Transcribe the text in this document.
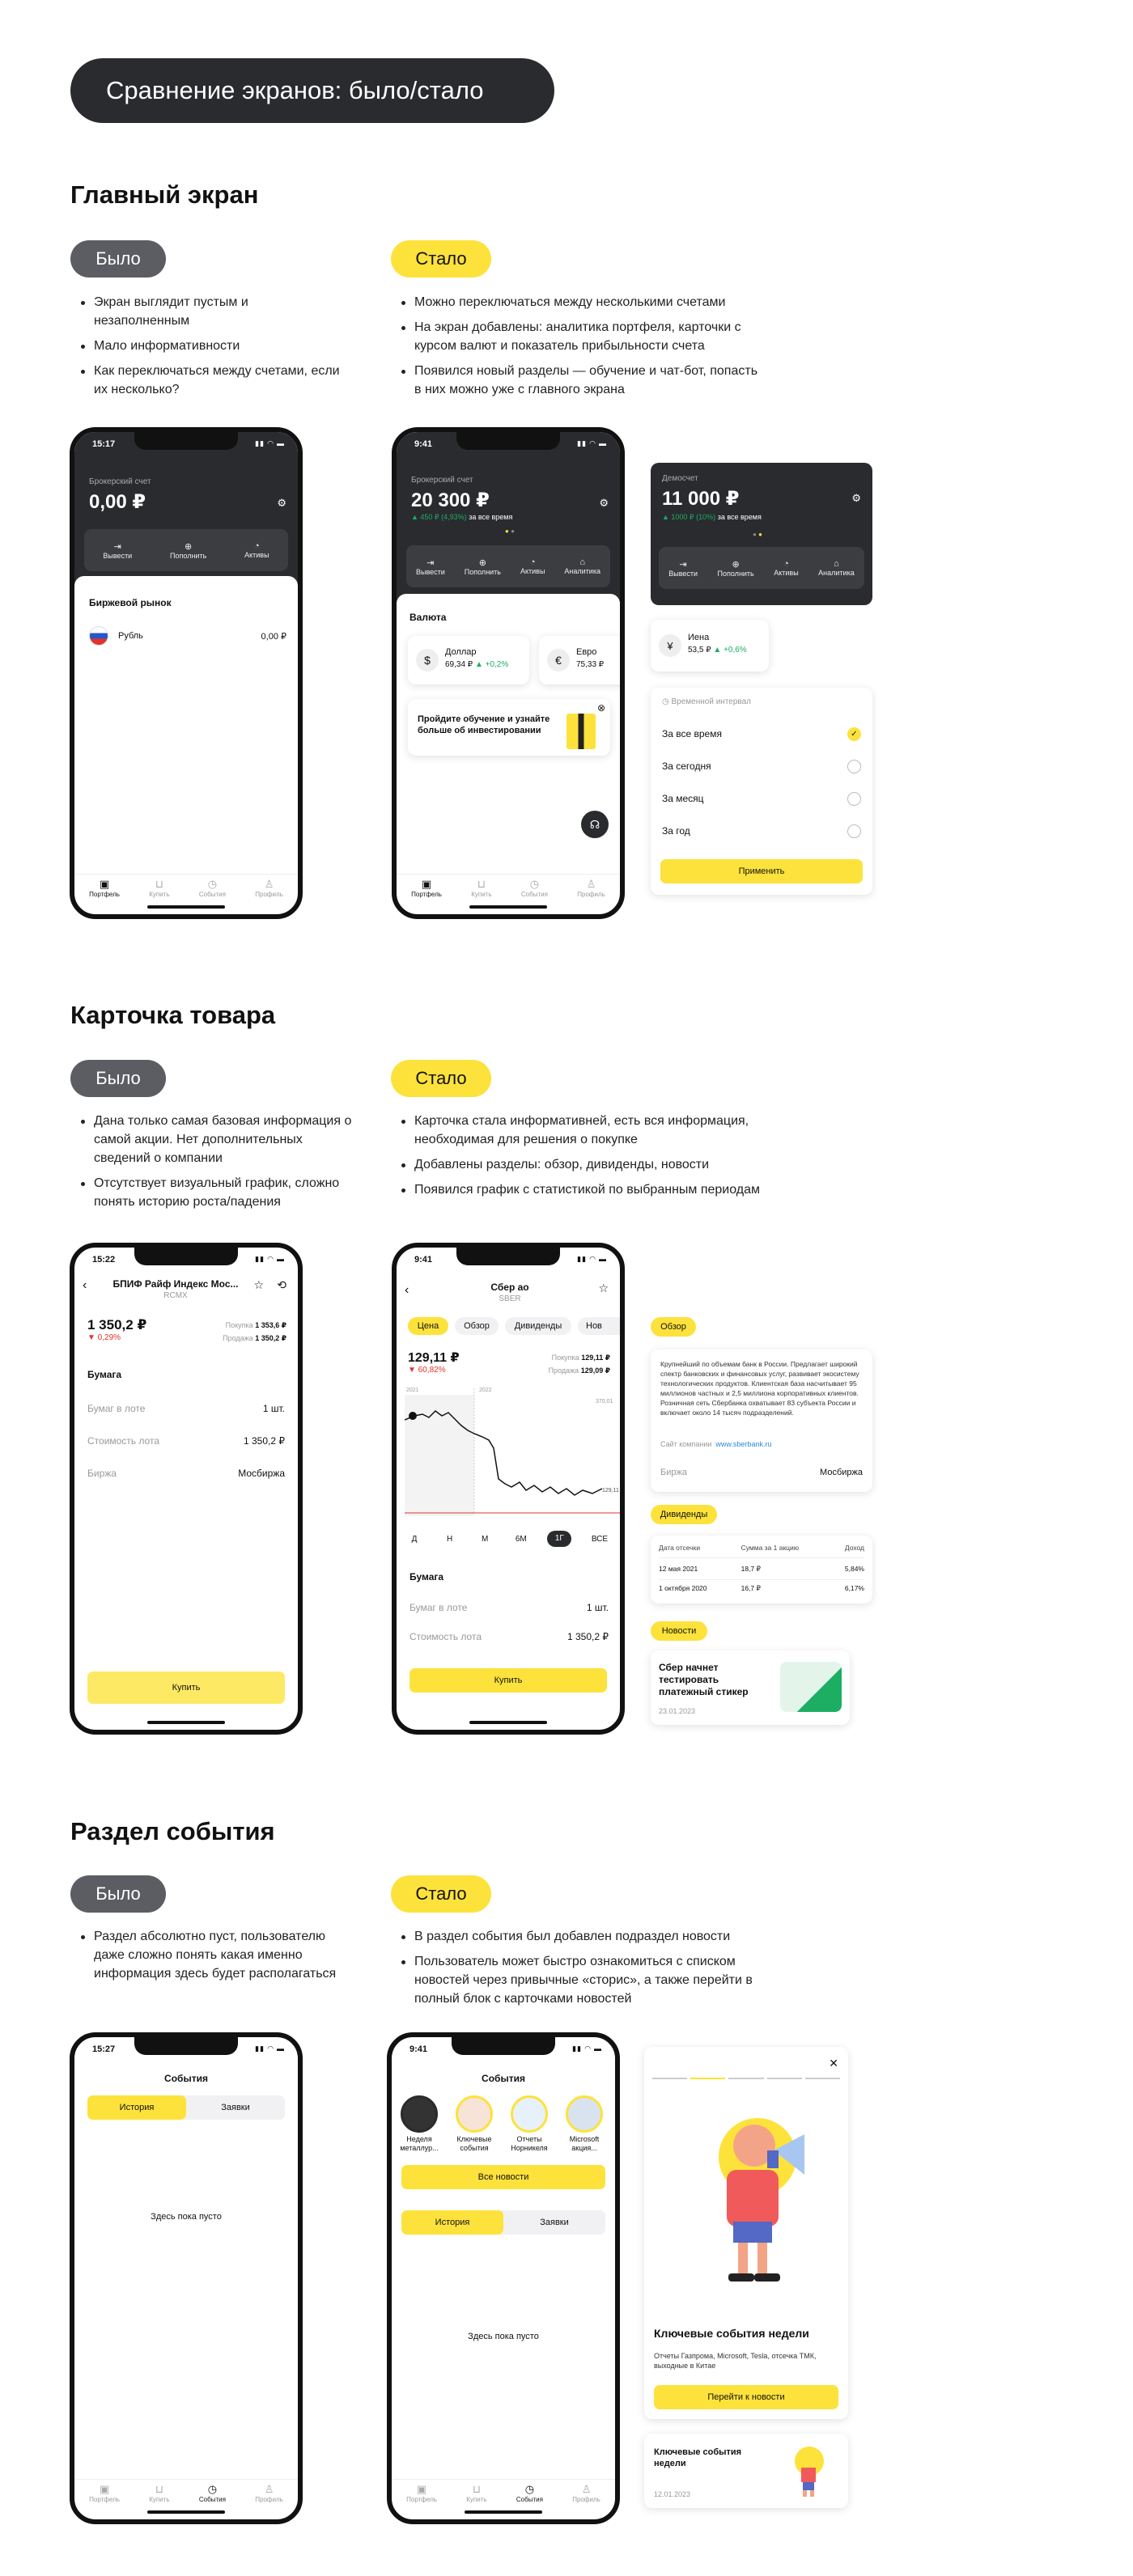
Сравнение экранов: было/стало
Главный экран
Было	Стало
Экран выглядит пустым и незаполненным
Мало информативности
Как переключаться между счетами, если их несколько?
Можно переключаться между несколькими счетами
На экран добавлены: аналитика портфеля, карточки с курсом валют и показатель прибыльности счета
Появился новый разделы — обучение и чат-бот, попасть в них можно уже с главного экрана
15:17	▮▮ ◠ ▬
Брокерский счет
0,00 ₽	⚙
⇥
Вывести
⊕
Пополнить
◔
Активы
Биржевой рынок
Рубль	0,00 ₽
▣
Портфель
⊔
Купить
◷
События
♙
Профиль
9:41	▮▮ ◠ ▬
Брокерский счет
20 300 ₽
▲ 450 ₽ (4,93%) за все время
⚙
● ●
⇥
Вывести
⊕
Пополнить
◔
Активы
⌂
Аналитика
Валюта
$
Доллар
69,34 ₽ ▲ +0,2%	€
Евро
75,33 ₽
Пройдите обучение и узнайте больше об инвестировании
⊗
☊
▣
Портфель
⊔
Купить
◷
События
♙
Профиль
Демосчет
11 000 ₽
▲ 1000 ₽ (10%) за все время
⚙
● ●
⇥
Вывести
⊕
Пополнить
◔
Активы
⌂
Аналитика
¥
Иена
53,5 ₽ ▲ +0,6%
◷ Временной интервал
За все время	✓
За сегодня
За месяц
За год
Применить
Карточка товара
Было	Стало
Дана только самая базовая информация о самой акции. Нет дополнительных сведений о компании
Отсутствует визуальный график, сложно понять историю роста/падения
Карточка стала информативней, есть вся информация, необходимая для решения о покупке
Добавлены разделы: обзор, дивиденды, новости
Появился график с статистикой по выбранным периодам
15:22	▮▮ ◠ ▬
‹	БПИФ Райф Индекс Мос...
RCMX
☆ ⟲
1 350,2 ₽
▼ 0,29%
Покупка 1 353,6 ₽
Продажа 1 350,2 ₽
Бумага
Бумаг в лоте	1 шт.
Стоимость лота	1 350,2 ₽
Биржа	Мосбиржа
Купить
9:41	▮▮ ◠ ▬
‹	Сбер ао
SBER
☆
Цена	Обзор	Дивиденды	Нов
129,11 ₽
▼ 60,82%
Покупка 129,11 ₽
Продажа 129,09 ₽
2021	2022
370,01
129,11
Д	Н	М	6М	1Г	ВСЕ
Бумага
Бумаг в лоте	1 шт.
Стоимость лота	1 350,2 ₽
Купить
Обзор
Крупнейший по объемам банк в России. Предлагает широкий спектр банковских и финансовых услуг, развивает экосистему технологических продуктов. Клиентская база насчитывает 95 миллионов частных и 2,5 миллиона корпоративных клиентов. Розничная сеть Сбербанка охватывает 83 субъекта России и включает около 14 тысяч подразделений.
Сайт компании www.sberbank.ru
Биржа	Мосбиржа
Дивиденды
Дата отсечки	Сумма за 1 акцию	Доход
12 мая 2021	18,7 ₽	5,84%
1 октября 2020	16,7 ₽	6,17%
Новости
Сбер начнет тестировать платежный стикер
23.01.2023
Раздел события
Было	Стало
Раздел абсолютно пуст, пользователю даже сложно понять какая именно информация здесь будет располагаться
В раздел события был добавлен подраздел новости
Пользователь может быстро ознакомиться с списком новостей через привычные «сторис», а также перейти в полный блок с карточками новостей
15:27	▮▮ ◠ ▬
События
История	Заявки
Здесь пока пусто
▣
Портфель
⊔
Купить
◷
События
♙
Профиль
9:41	▮▮ ◠ ▬
События
Неделя металлур...
Ключевые события
Отчеты Норникеля
Microsoft акция...
Все новости
История	Заявки
Здесь пока пусто
▣
Портфель
⊔
Купить
◷
События
♙
Профиль
✕
Ключевые события недели
Отчеты Газпрома, Microsoft, Tesla, отсечка ТМК, выходные в Китае
Перейти к новости
Ключевые события недели
12.01.2023
